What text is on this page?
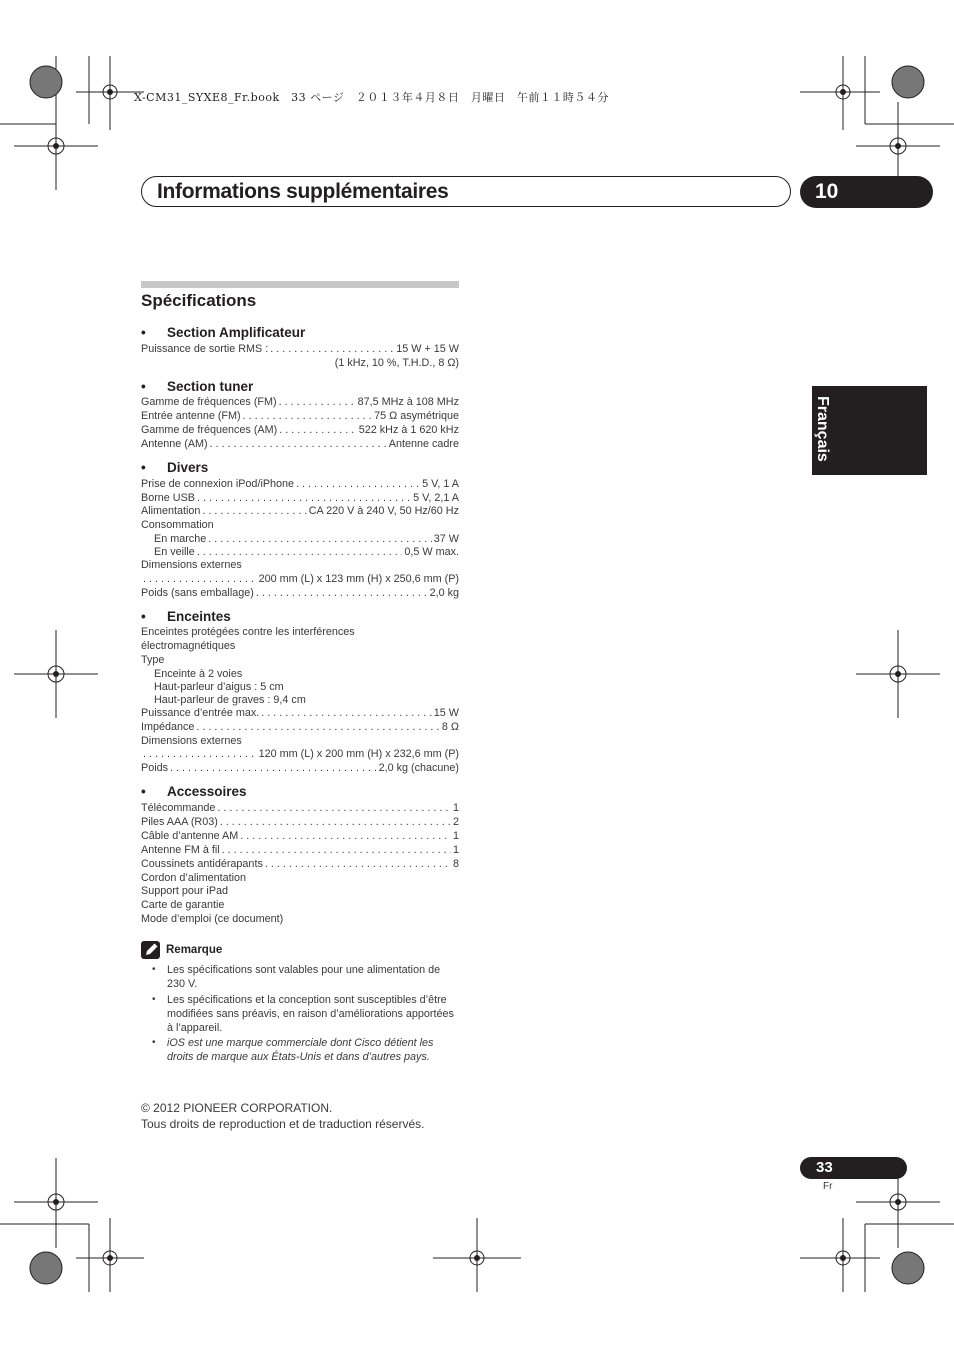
X-CM31_SYXE8_Fr.book　33 ページ　２０１３年４月８日　月曜日　午前１１時５４分
Informations supplémentaires	10
Français
Spécifications
• Section Amplificateur
Puissance de sortie RMS : . . .	15 W + 15 W
(1 kHz, 10 %, T.H.D., 8 Ω)
• Section tuner
Gamme de fréquences (FM) . . .	87,5 MHz à 108 MHz
Entrée antenne (FM) . . .	75 Ω asymétrique
Gamme de fréquences (AM) . . .	522 kHz à 1 620 kHz
Antenne (AM) . . .	Antenne cadre
• Divers
Prise de connexion iPod/iPhone . . .	5 V, 1 A
Borne USB . . .	5 V, 2,1 A
Alimentation . . .	CA 220 V à 240 V, 50 Hz/60 Hz
Consommation
En marche . . .	37 W
En veille . . .	0,5 W max.
Dimensions externes
. . .
200 mm (L) x 123 mm (H) x 250,6 mm (P)
Poids (sans emballage) . . .	2,0 kg
• Enceintes
Enceintes protégées contre les interférences
électromagnétiques
Type
Enceinte à 2 voies
Haut-parleur d’aigus : 5 cm
Haut-parleur de graves : 9,4 cm
Puissance d’entrée max. . . .	15 W
Impédance . . .	8 Ω
Dimensions externes
. . .
120 mm (L) x 200 mm (H) x 232,6 mm (P)
Poids . . .	2,0 kg (chacune)
• Accessoires
Télécommande . . .	1
Piles AAA (R03) . . .	2
Câble d’antenne AM . . .	1
Antenne FM à fil . . .	1
Coussinets antidérapants . . .	8
Cordon d’alimentation
Support pour iPad
Carte de garantie
Mode d’emploi (ce document)
Remarque
• Les spécifications sont valables pour une alimentation de 230 V.
• Les spécifications et la conception sont susceptibles d’être modifiées sans préavis, en raison d’améliorations apportées à l’appareil.
• iOS est une marque commerciale dont Cisco détient les droits de marque aux États-Unis et dans d’autres pays.
© 2012 PIONEER CORPORATION.
Tous droits de reproduction et de traduction réservés.
33
Fr
